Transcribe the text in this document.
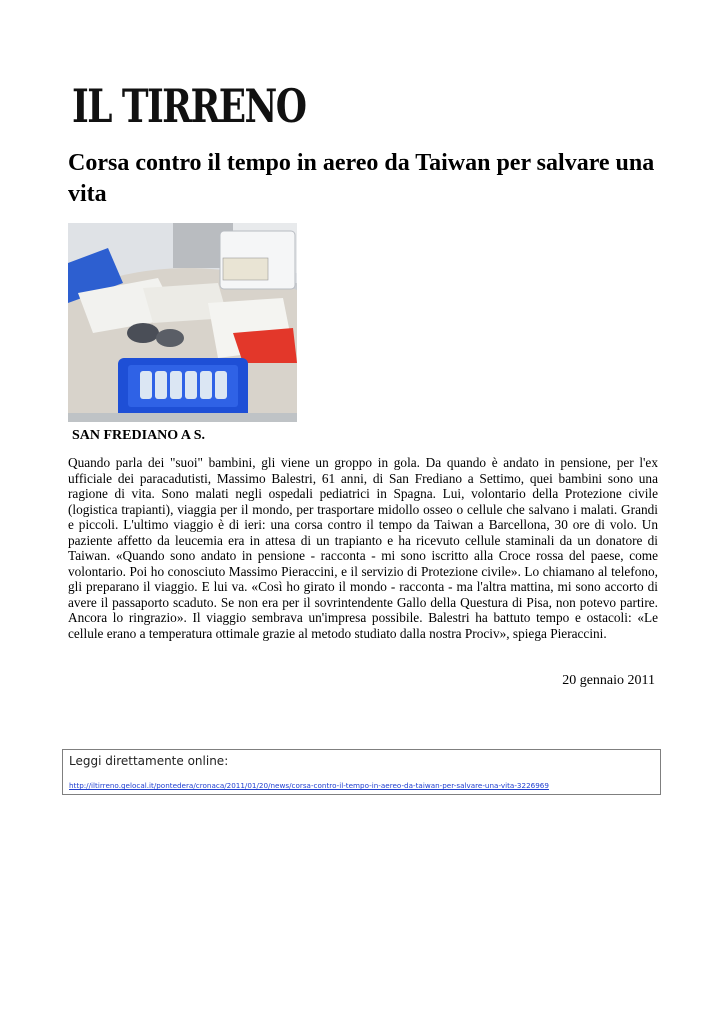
IL TIRRENO
Corsa contro il tempo in aereo da Taiwan per salvare una vita
SAN FREDIANO A S.

Quando parla dei "suoi" bambini, gli viene un groppo in gola. Da quando è andato in pensione, per l'ex ufficiale dei paracadutisti, Massimo Balestri, 61 anni, di San Frediano a Settimo, quei bambini sono una ragione di vita. Sono malati negli ospedali pediatrici in Spagna. Lui, volontario della Protezione civile (logistica trapianti), viaggia per il mondo, per trasportare midollo osseo o cellule che salvano i malati. Grandi e piccoli. L'ultimo viaggio è di ieri: una corsa contro il tempo da Taiwan a Barcellona, 30 ore di volo. Un paziente affetto da leucemia era in attesa di un trapianto e ha ricevuto cellule staminali da un donatore di Taiwan. «Quando sono andato in pensione - racconta - mi sono iscritto alla Croce rossa del paese, come volontario. Poi ho conosciuto Massimo Pieraccini, e il servizio di Protezione civile». Lo chiamano al telefono, gli preparano il viaggio. E lui va. «Così ho girato il mondo - racconta - ma l'altra mattina, mi sono accorto di avere il passaporto scaduto. Se non era per il sovrintendente Gallo della Questura di Pisa, non potevo partire. Ancora lo ringrazio». Il viaggio sembrava un'impresa possibile. Balestri ha battuto tempo e ostacoli: «Le cellule erano a temperatura ottimale grazie al metodo studiato dalla nostra Prociv», spiega Pieraccini.

20 gennaio 2011
Leggi direttamente online:
http://iltirreno.gelocal.it/pontedera/cronaca/2011/01/20/news/corsa-contro-il-tempo-in-aereo-da-taiwan-per-salvare-una-vita-3226969
